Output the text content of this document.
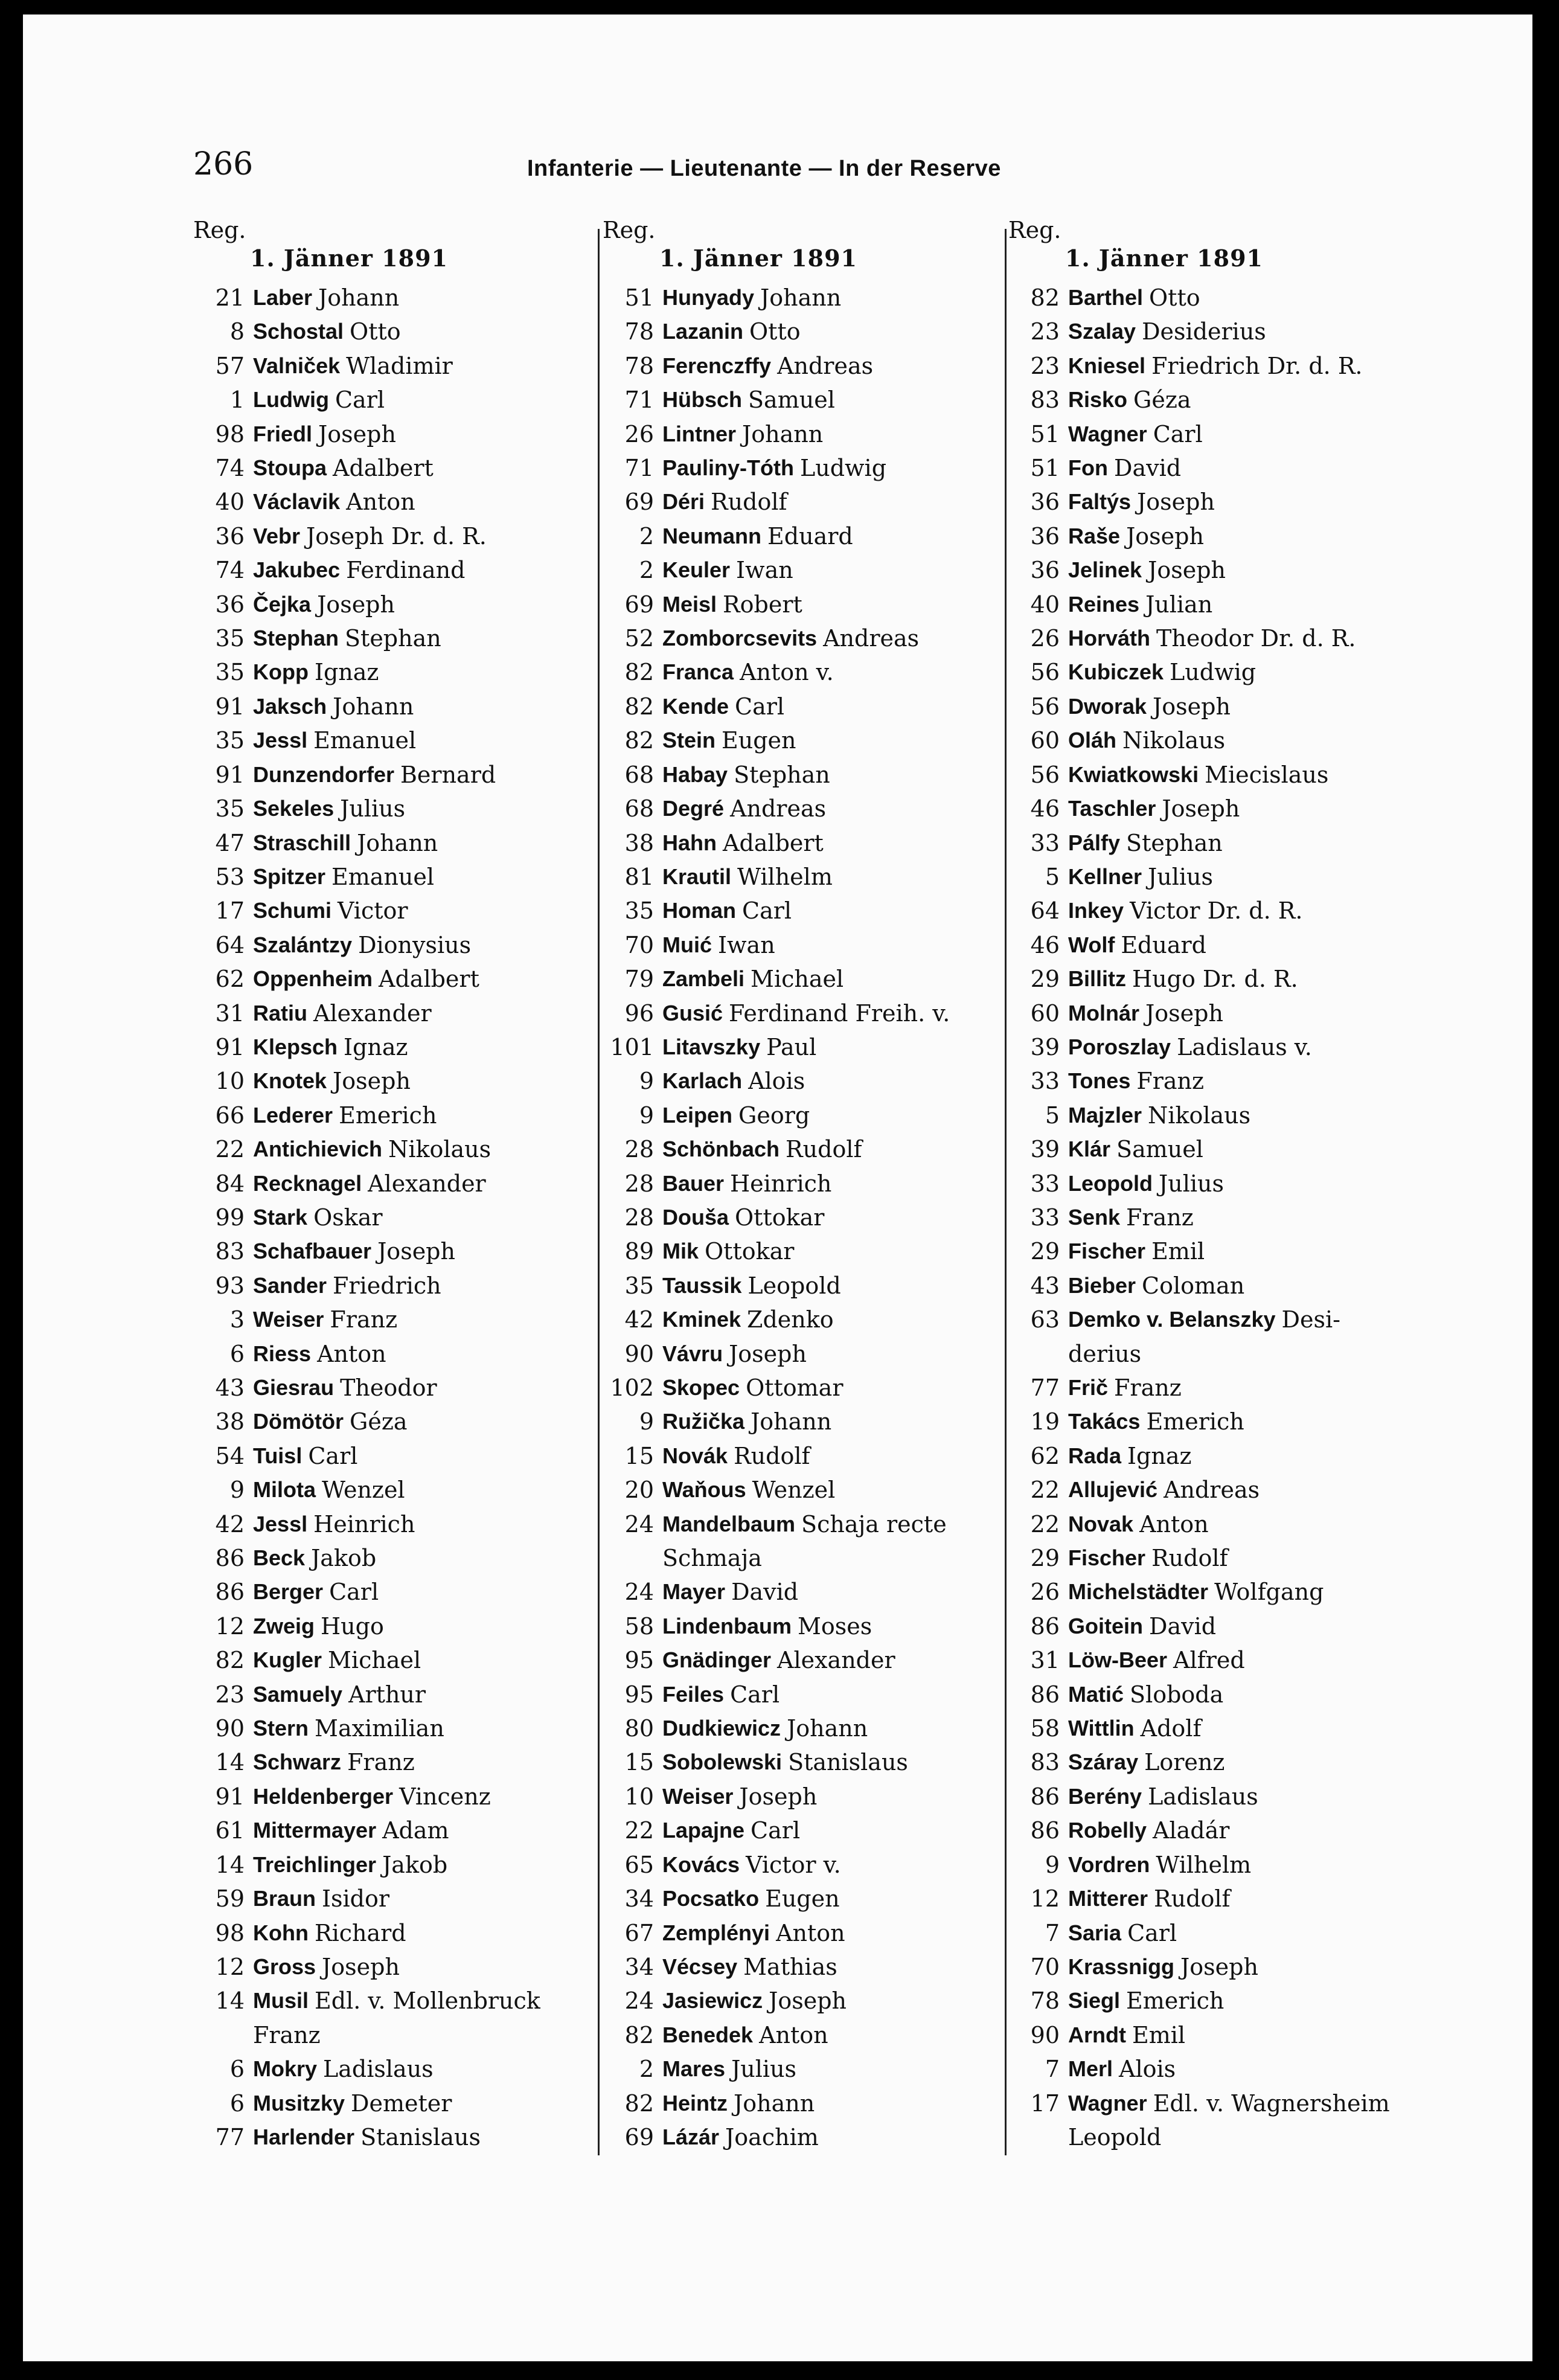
266	Infanterie — Lieutenante — In der Reserve
Reg.
1. Jänner 1891
21 Laber Johann
8 Schostal Otto
57 Valniček Wladimir
1 Ludwig Carl
98 Friedl Joseph
74 Stoupa Adalbert
40 Václavik Anton
36 Vebr Joseph Dr. d. R.
74 Jakubec Ferdinand
36 Čejka Joseph
35 Stephan Stephan
35 Kopp Ignaz
91 Jaksch Johann
35 Jessl Emanuel
91 Dunzendorfer Bernard
35 Sekeles Julius
47 Straschill Johann
53 Spitzer Emanuel
17 Schumi Victor
64 Szalántzy Dionysius
62 Oppenheim Adalbert
31 Ratiu Alexander
91 Klepsch Ignaz
10 Knotek Joseph
66 Lederer Emerich
22 Antichievich Nikolaus
84 Recknagel Alexander
99 Stark Oskar
83 Schafbauer Joseph
93 Sander Friedrich
3 Weiser Franz
6 Riess Anton
43 Giesrau Theodor
38 Dömötör Géza
54 Tuisl Carl
9 Milota Wenzel
42 Jessl Heinrich
86 Beck Jakob
86 Berger Carl
12 Zweig Hugo
82 Kugler Michael
23 Samuely Arthur
90 Stern Maximilian
14 Schwarz Franz
91 Heldenberger Vincenz
61 Mittermayer Adam
14 Treichlinger Jakob
59 Braun Isidor
98 Kohn Richard
12 Gross Joseph
14 Musil Edl. v. Mollenbruck
Franz
6 Mokry Ladislaus
6 Musitzky Demeter
77 Harlender Stanislaus
Reg.
1. Jänner 1891
51 Hunyady Johann
78 Lazanin Otto
78 Ferenczffy Andreas
71 Hübsch Samuel
26 Lintner Johann
71 Pauliny-Tóth Ludwig
69 Déri Rudolf
2 Neumann Eduard
2 Keuler Iwan
69 Meisl Robert
52 Zomborcsevits Andreas
82 Franca Anton v.
82 Kende Carl
82 Stein Eugen
68 Habay Stephan
68 Degré Andreas
38 Hahn Adalbert
81 Krautil Wilhelm
35 Homan Carl
70 Muić Iwan
79 Zambeli Michael
96 Gusić Ferdinand Freih. v.
101 Litavszky Paul
9 Karlach Alois
9 Leipen Georg
28 Schönbach Rudolf
28 Bauer Heinrich
28 Douša Ottokar
89 Mik Ottokar
35 Taussik Leopold
42 Kminek Zdenko
90 Vávru Joseph
102 Skopec Ottomar
9 Ružička Johann
15 Novák Rudolf
20 Waňous Wenzel
24 Mandelbaum Schaja recte
Schmaja
24 Mayer David
58 Lindenbaum Moses
95 Gnädinger Alexander
95 Feiles Carl
80 Dudkiewicz Johann
15 Sobolewski Stanislaus
10 Weiser Joseph
22 Lapajne Carl
65 Kovács Victor v.
34 Pocsatko Eugen
67 Zemplényi Anton
34 Vécsey Mathias
24 Jasiewicz Joseph
82 Benedek Anton
2 Mares Julius
82 Heintz Johann
69 Lázár Joachim
Reg.
1. Jänner 1891
82 Barthel Otto
23 Szalay Desiderius
23 Kniesel Friedrich Dr. d. R.
83 Risko Géza
51 Wagner Carl
51 Fon David
36 Faltýs Joseph
36 Raše Joseph
36 Jelinek Joseph
40 Reines Julian
26 Horváth Theodor Dr. d. R.
56 Kubiczek Ludwig
56 Dworak Joseph
60 Oláh Nikolaus
56 Kwiatkowski Miecislaus
46 Taschler Joseph
33 Pálfy Stephan
5 Kellner Julius
64 Inkey Victor Dr. d. R.
46 Wolf Eduard
29 Billitz Hugo Dr. d. R.
60 Molnár Joseph
39 Poroszlay Ladislaus v.
33 Tones Franz
5 Majzler Nikolaus
39 Klár Samuel
33 Leopold Julius
33 Senk Franz
29 Fischer Emil
43 Bieber Coloman
63 Demko v. Belanszky Desi-
derius
77 Frič Franz
19 Takács Emerich
62 Rada Ignaz
22 Allujević Andreas
22 Novak Anton
29 Fischer Rudolf
26 Michelstädter Wolfgang
86 Goitein David
31 Löw-Beer Alfred
86 Matić Sloboda
58 Wittlin Adolf
83 Száray Lorenz
86 Berény Ladislaus
86 Robelly Aladár
9 Vordren Wilhelm
12 Mitterer Rudolf
7 Saria Carl
70 Krassnigg Joseph
78 Siegl Emerich
90 Arndt Emil
7 Merl Alois
17 Wagner Edl. v. Wagnersheim
Leopold
